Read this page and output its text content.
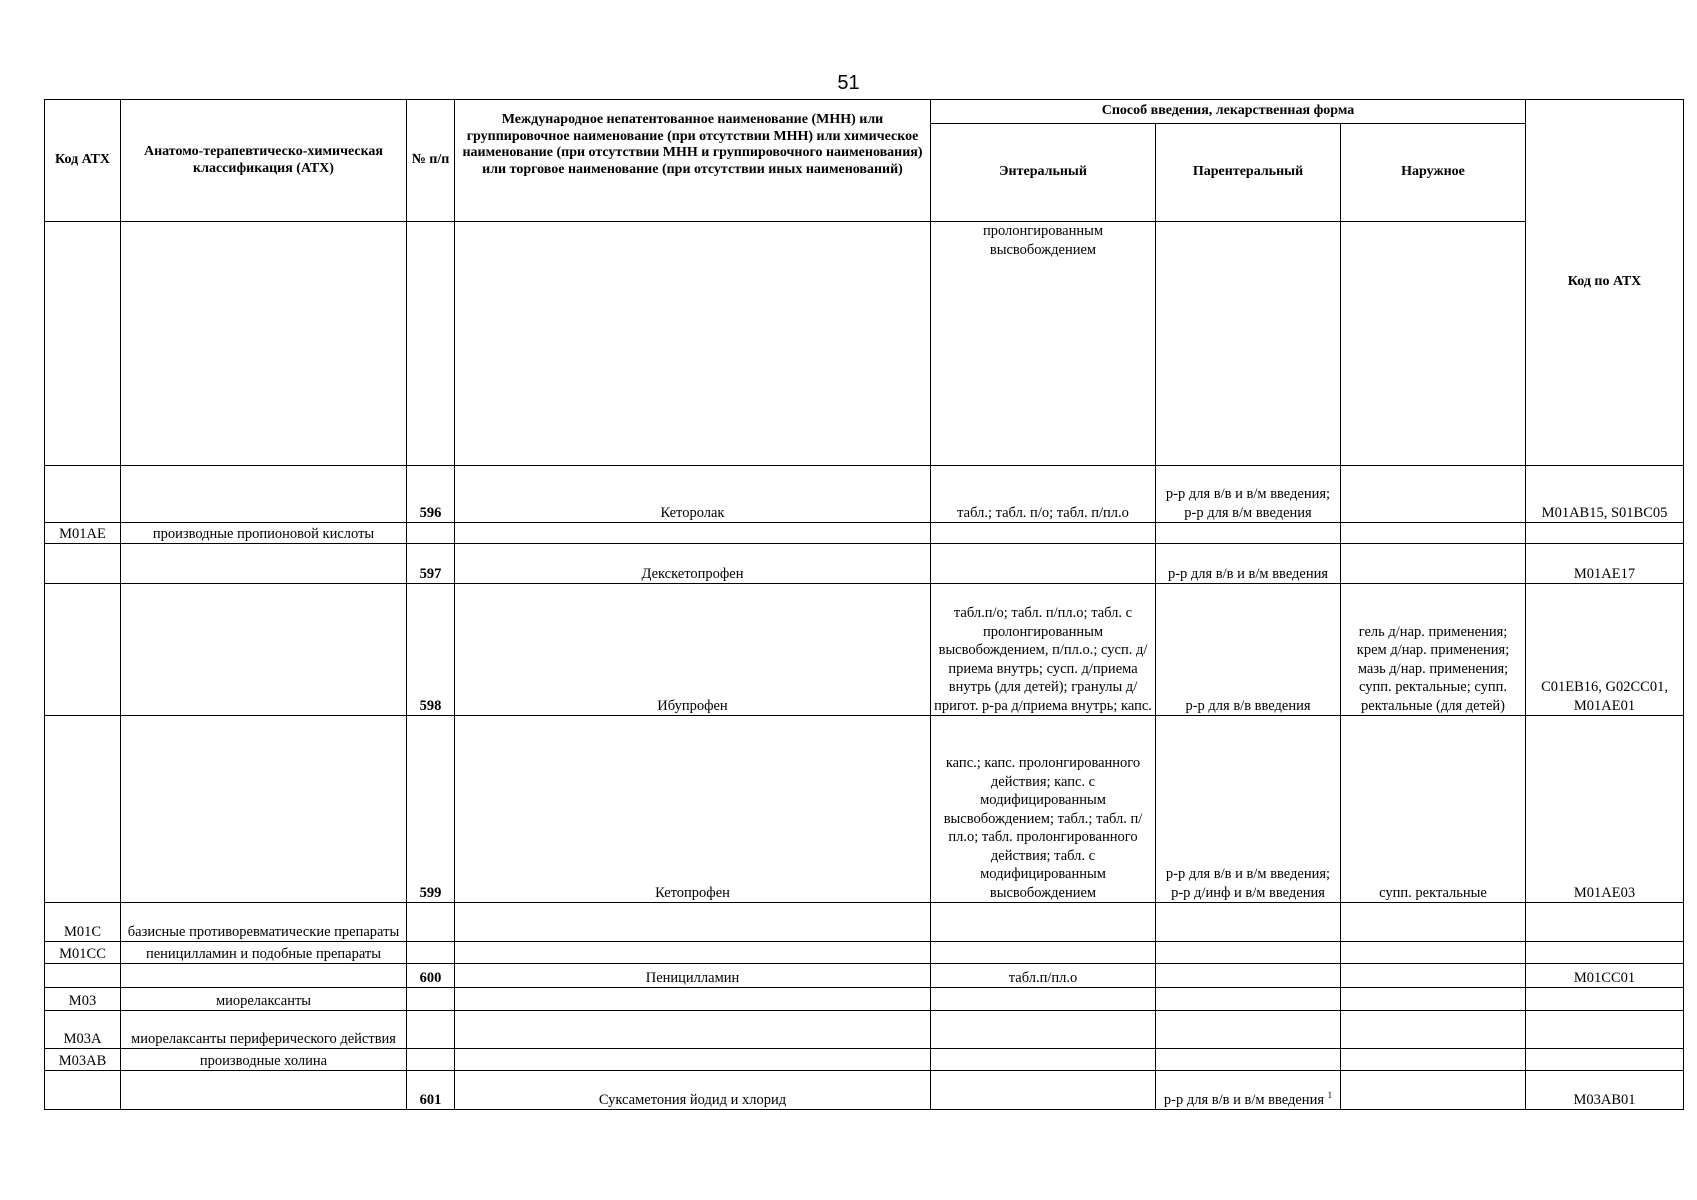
51
Код АТХ	Анатомо-терапевтическо-химическая классификация (АТХ)	№ п/п	Международное непатентованное наименование (МНН) или группировочное наименование (при отсутствии МНН) или химическое наименование (при отсутствии МНН и группировочного наименования) или торговое наименование (при отсутствии иных наименований)	Способ введения, лекарственная форма			Код по АТХ
				Энтеральный	Парентеральный	Наружное	
				пролонгированным высвобождением			
		596	Кеторолак	табл.; табл. п/о; табл. п/пл.о	р-р для в/в и в/м введения; р-р для в/м введения		M01AB15, S01BC05
M01AE	производные пропионовой кислоты						
		597	Декскетопрофен		р-р для в/в и в/м введения		M01AE17
		598	Ибупрофен	табл.п/о; табл. п/пл.о; табл. с пролонгированным высвобождением, п/пл.о.; сусп. д/приема внутрь; сусп. д/приема внутрь (для детей); гранулы д/пригот. р-ра д/приема внутрь; капс.	р-р для в/в введения	гель д/нар. применения; крем д/нар. применения; мазь д/нар. применения; супп. ректальные; супп. ректальные (для детей)	C01EB16, G02CC01, M01AE01
		599	Кетопрофен	капс.; капс. пролонгированного действия; капс. с модифицированным высвобождением; табл.; табл. п/пл.о; табл. пролонгированного действия; табл. с модифицированным высвобождением	р-р для в/в и в/м введения; р-р д/инф и в/м введения	супп. ректальные	M01AE03
M01C	базисные противоревматические препараты						
M01CC	пеницилламин и подобные препараты						
		600	Пеницилламин	табл.п/пл.о			M01CC01
M03	миорелаксанты						
M03A	миорелаксанты периферического действия						
M03AB	производные холина						
		601	Суксаметония йодид и хлорид		р-р для в/в и в/м введения $^1$		M03AB01
